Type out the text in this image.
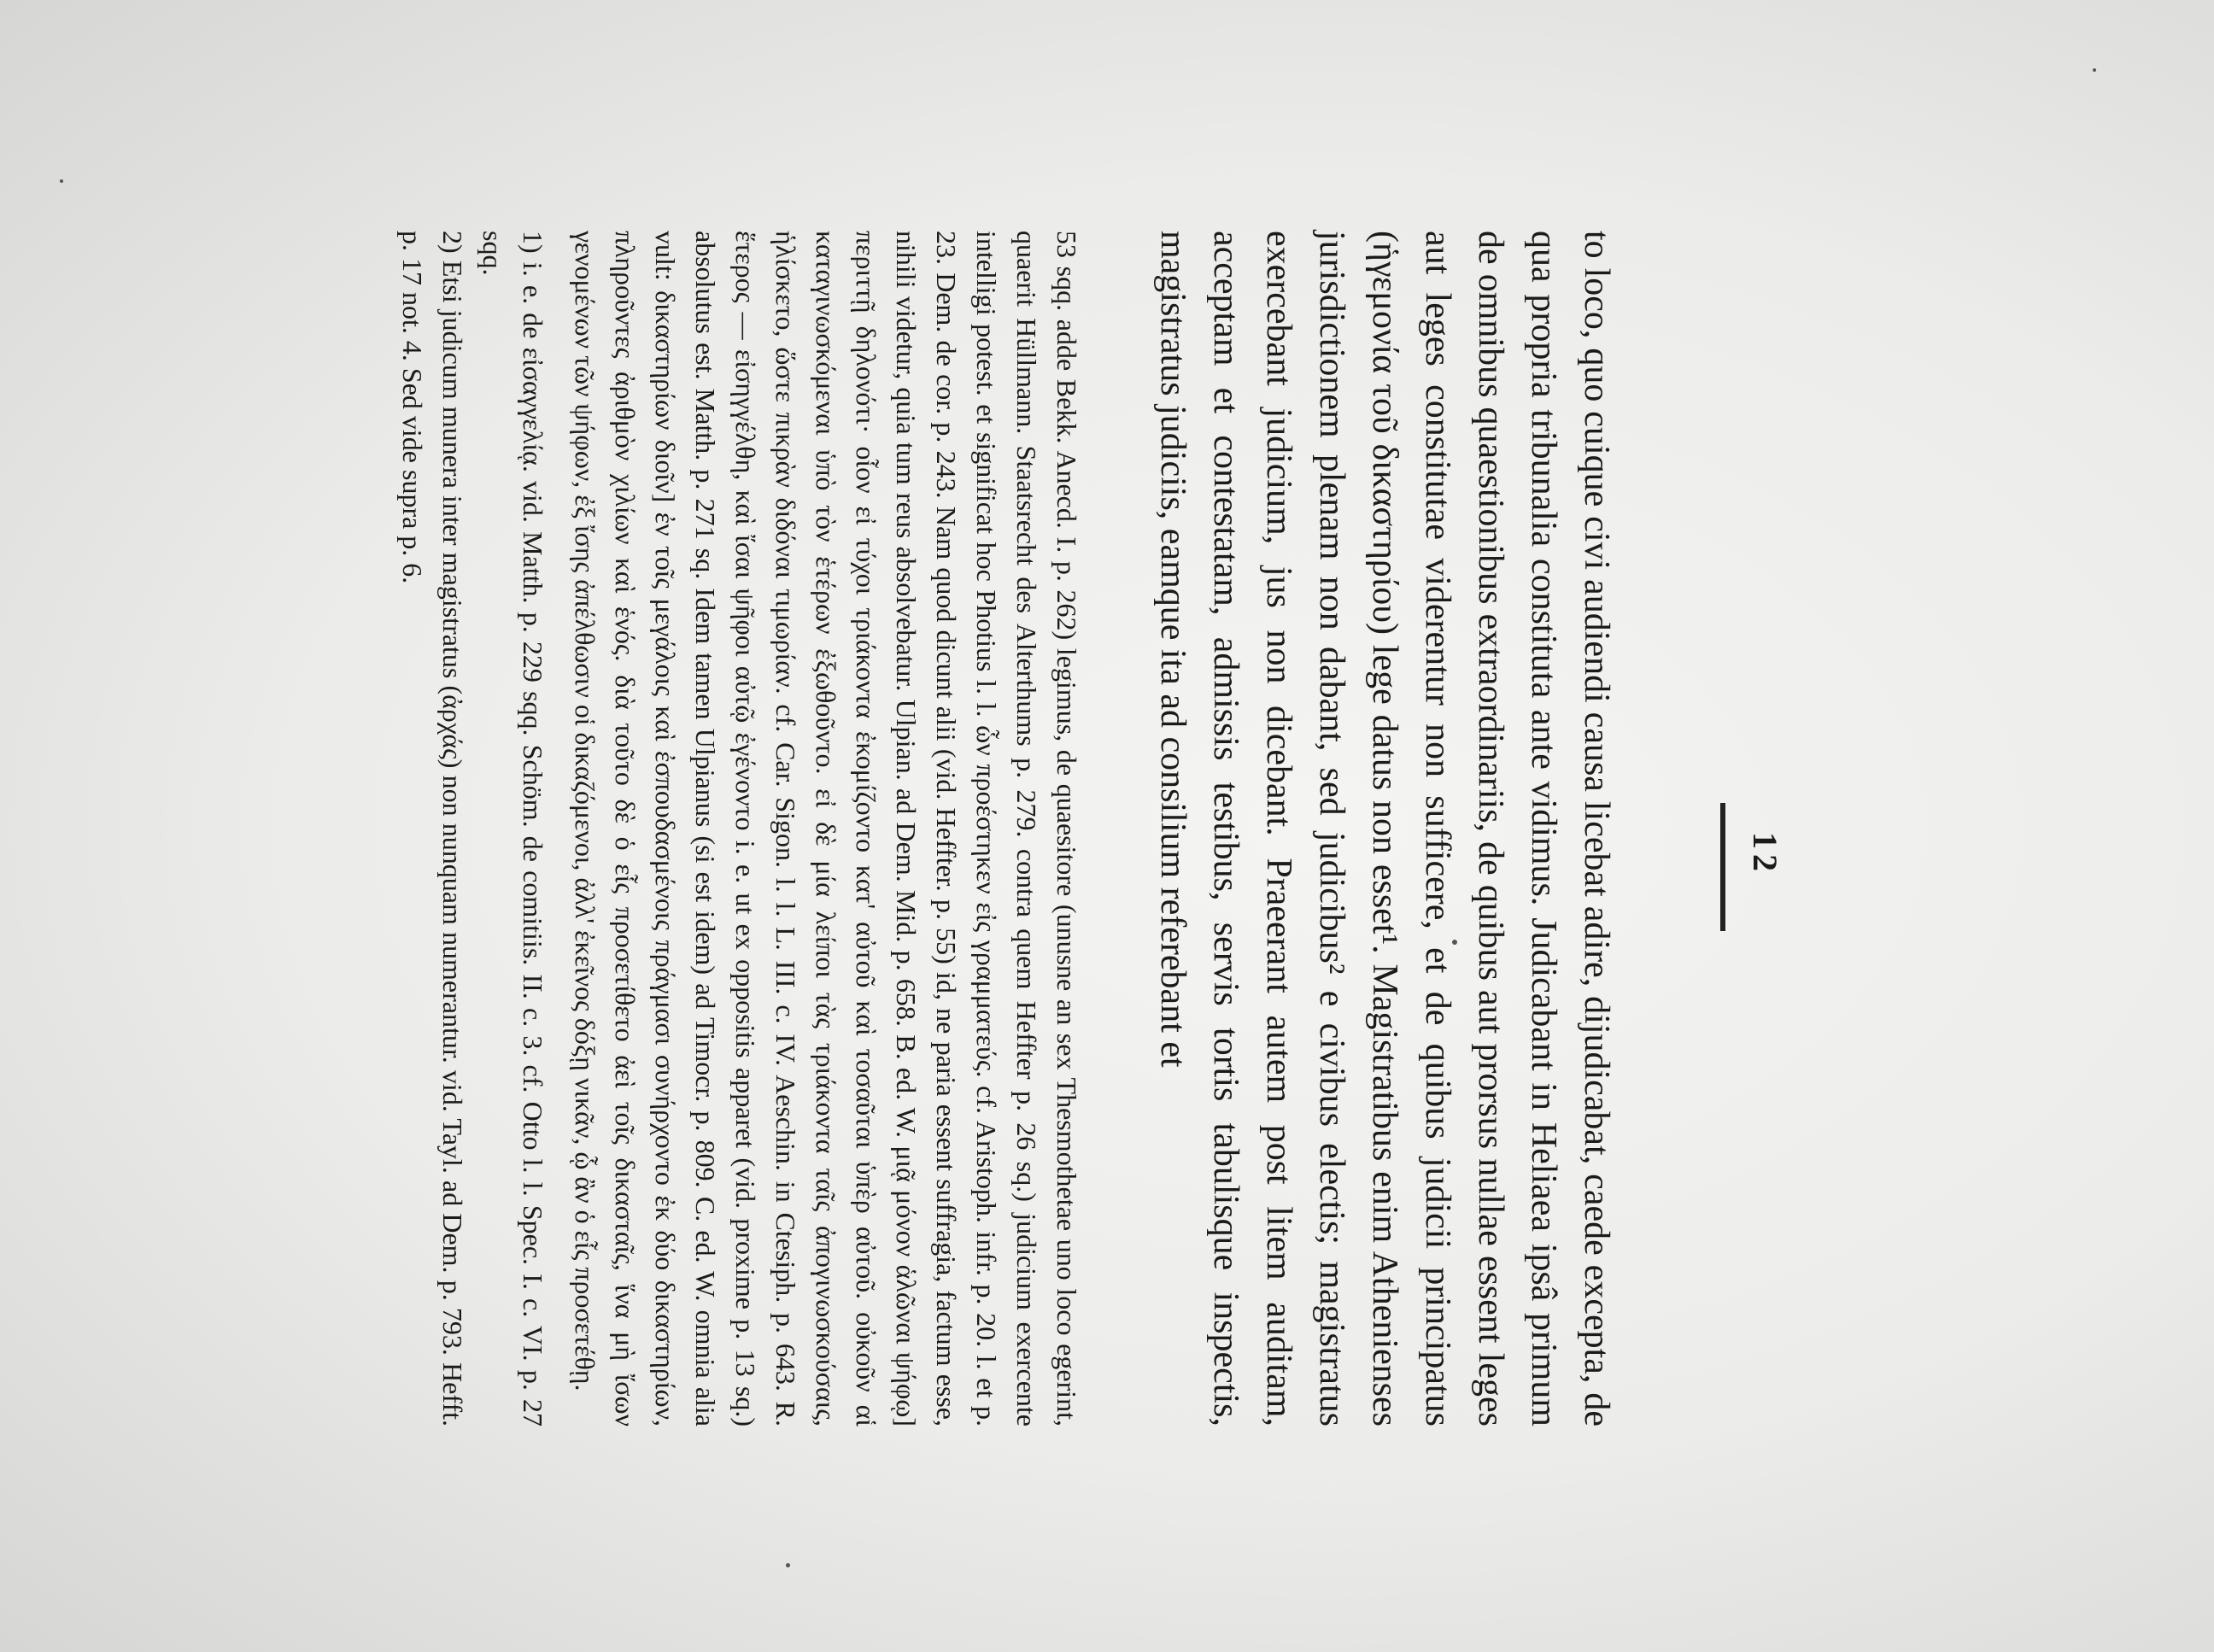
12

to loco, quo cuique civi audiendi causa licebat adire, dijudicabat, caede excepta, de qua propria tribunalia constituta ante vidimus. Judicabant in Heliaea ipsâ primum de omnibus quaestionibus extraordinariis, de quibus aut prorsus nullae essent leges aut leges constitutae viderentur non sufficere, et de quibus judicii principatus (ἡγεμονία τοῦ δικαστηρίου) lege datus non esset¹. Magistratibus enim Athenienses jurisdictionem plenam non dabant, sed judicibus² e civibus electis; magistratus exercebant judicium, jus non dicebant. Praeerant autem post litem auditam, acceptam et contestatam, admissis testibus, servis tortis tabulisque inspectis, magistratus judiciis, eamque ita ad consilium referebant et

53 sqq. adde Bekk. Anecd. I. p. 262) legimus, de quaesitore (unusne an sex Thesmothetae uno loco egerint, quaerit Hüllmann. Staatsrecht des Alterthums p. 279. contra quem Heffter p. 26 sq.) judicium exercente intelligi potest. et significat hoc Photius l. l. ὧν προέστηκεν εἰς γραμματεύς. cf. Aristoph. infr. p. 20. l. et p. 23. Dem. de cor. p. 243. Nam quod dicunt alii (vid. Heffter. p. 55) id, ne paria essent suffragia, factum esse, nihili videtur, quia tum reus absolvebatur. Ulpian. ad Dem. Mid. p. 658. B. ed. W. μιᾷ μόνον ἁλῶναι ψήφῳ] περιττῇ δηλονότι· οἷον εἰ τύχοι τριάκοντα ἐκομίζοντο κατ' αὐτοῦ καὶ τοσαῦται ὑπὲρ αὐτοῦ. οὐκοῦν αἱ καταγινωσκόμεναι ὑπὸ τὸν ἑτέρων ἐξωθοῦντο. εἰ δὲ μία λείποι τὰς τριάκοντα ταῖς ἀπογινωσκούσαις, ἡλίσκετο, ὥστε πικρὰν διδόναι τιμωρίαν. cf. Car. Sigon. l. l. L. III. c. IV. Aeschin. in Ctesiph. p. 643. R. ἕτερος — εἰσηγγέλθη, καὶ ἴσαι ψῆφοι αὐτῷ ἐγένοντο i. e. ut ex oppositis apparet (vid. proxime p. 13 sq.) absolutus est. Matth. p. 271 sq. Idem tamen Ulpianus (si est idem) ad Timocr. p. 809. C. ed. W. omnia alia vult: δικαστηρίων διοῖν] ἐν τοῖς μεγάλοις καὶ ἐσπουδασμένοις πράγμασι συνήρχοντο ἐκ δύο δικαστηρίων, πληροῦντες ἀριθμὸν χιλίων καὶ ἑνός. διὰ τοῦτο δὲ ὁ εἷς προσετίθετο ἀεὶ τοῖς δικασταῖς, ἵνα μὴ ἴσων γενομένων τῶν ψήφων, ἐξ ἴσης ἀπέλθωσιν οἱ δικαζόμενοι, ἀλλ' ἐκεῖνος δόξῃ νικᾶν, ᾧ ἂν ὁ εἷς προσετέθῃ.

1) i. e. de εἰσαγγελίᾳ. vid. Matth. p. 229 sqq. Schöm. de comitiis. II. c. 3. cf. Otto l. l. Spec. I. c. VI. p. 27 sqq.

2) Etsi judicum munera inter magistratus (ἀρχάς) non nunquam numerantur. vid. Tayl. ad Dem. p. 793. Hefft. p. 17 not. 4. Sed vide supra p. 6.
